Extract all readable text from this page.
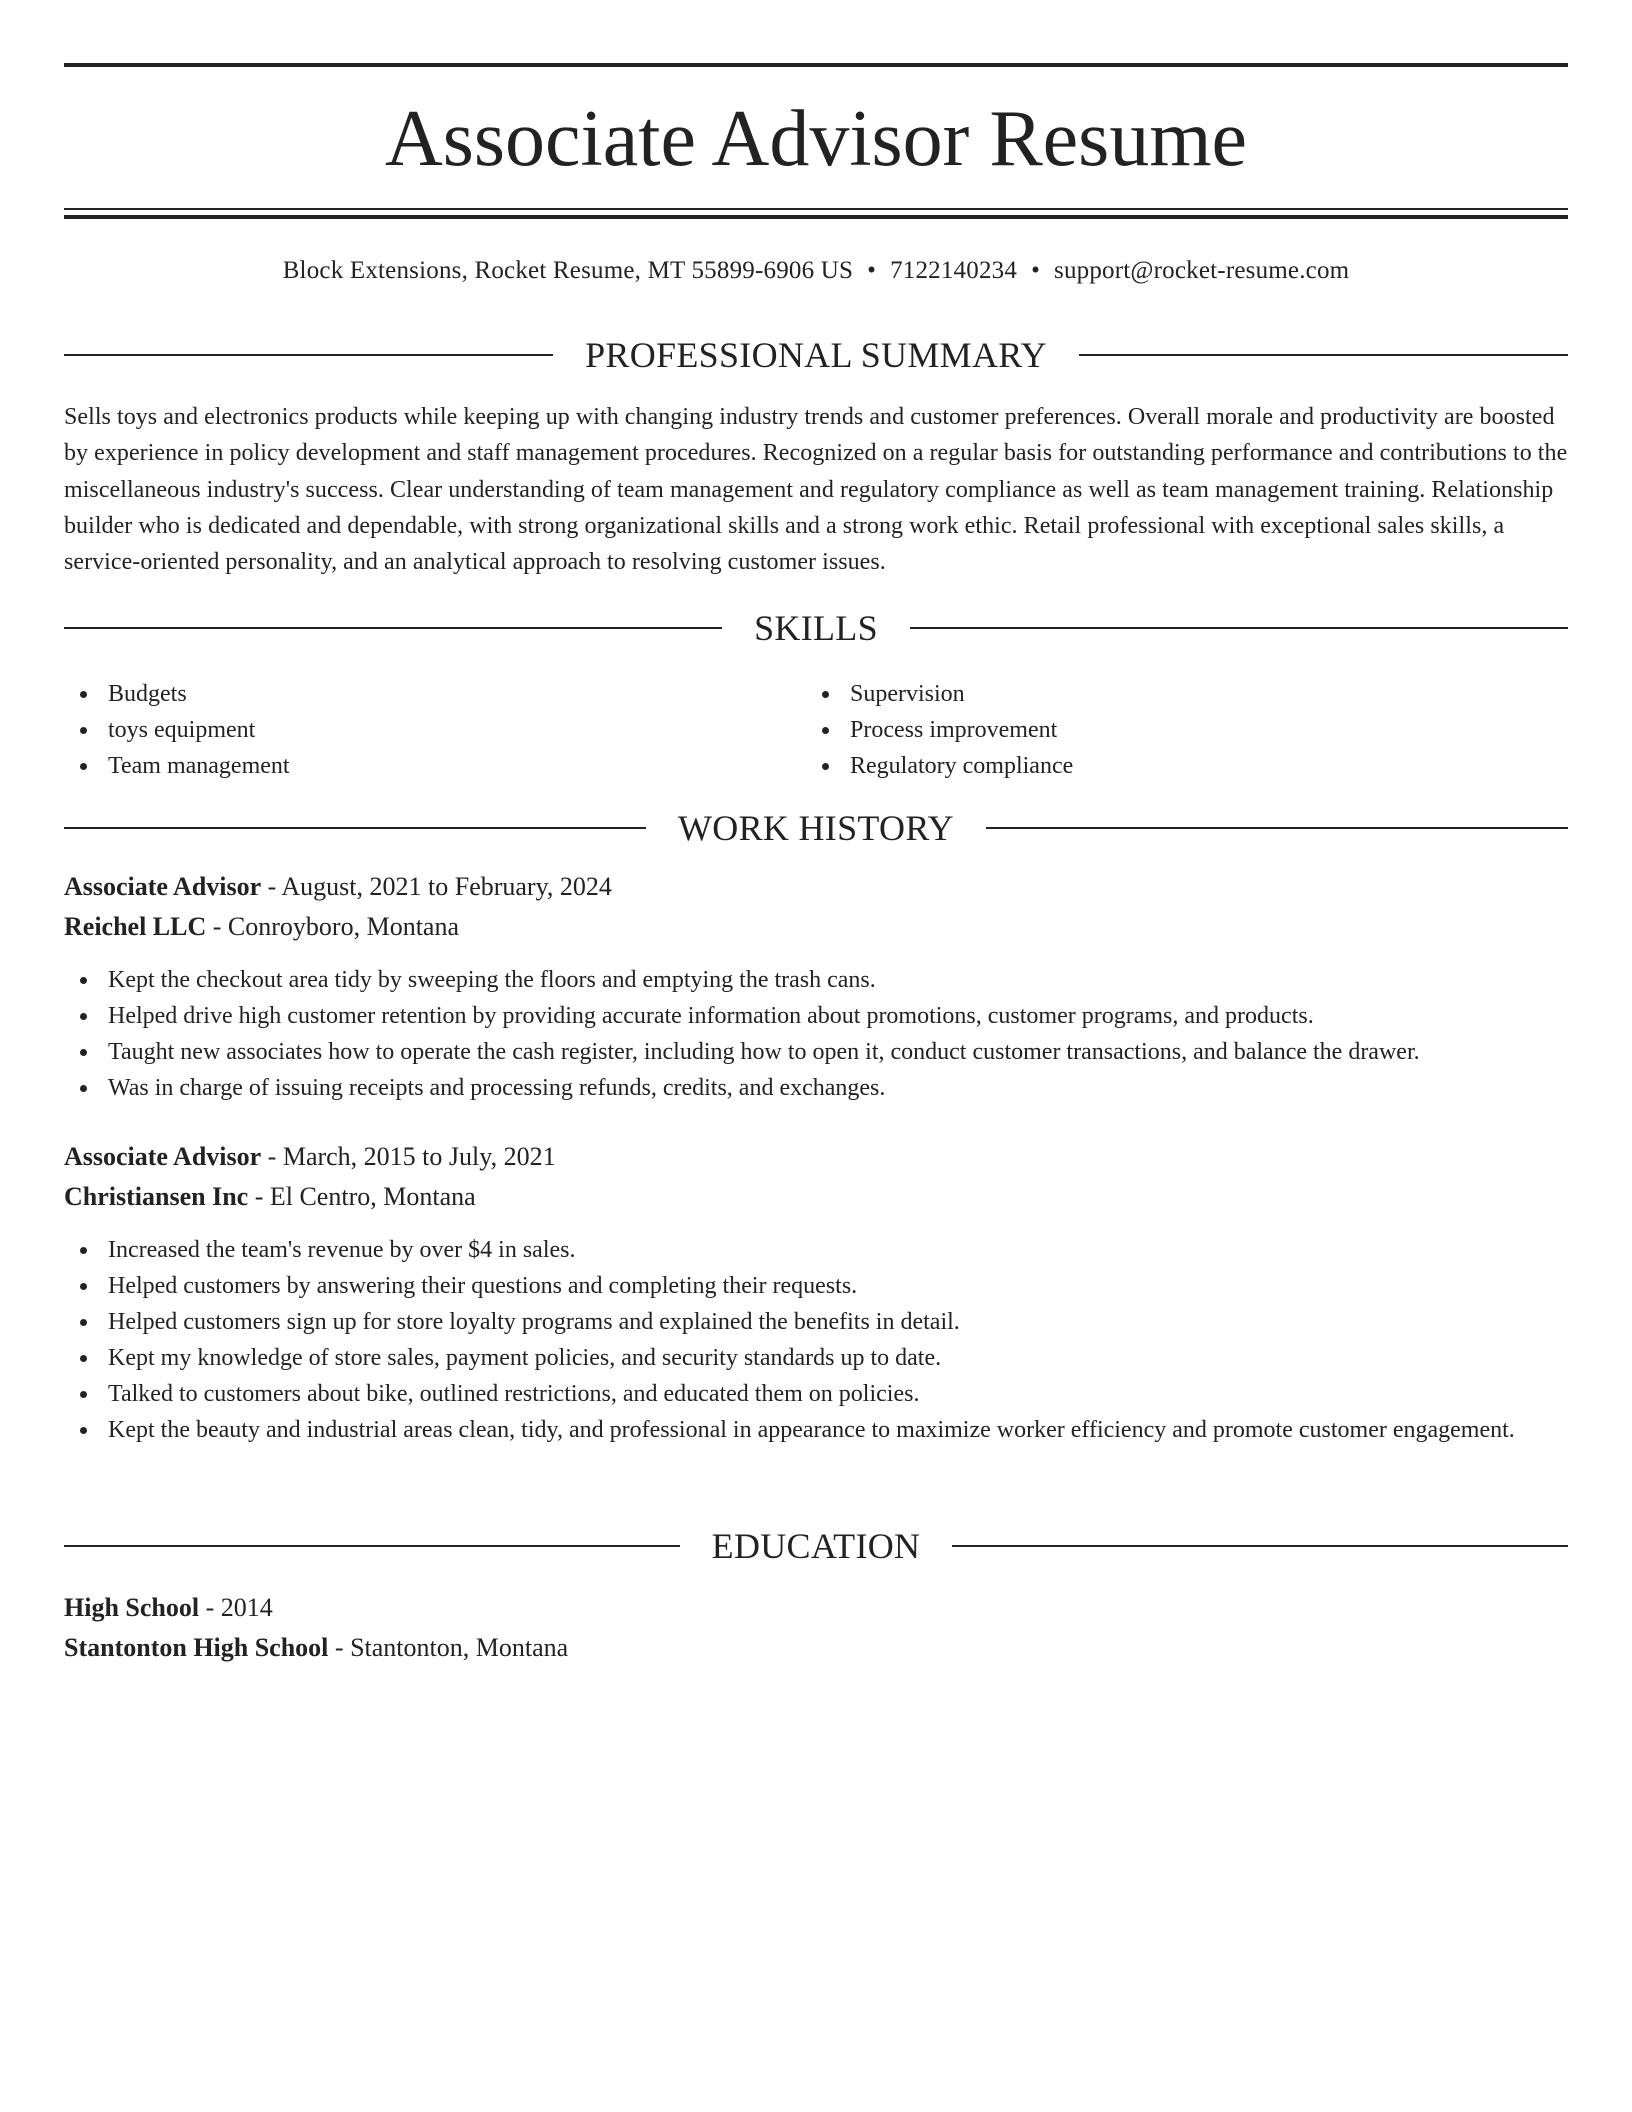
Associate Advisor Resume
Block Extensions, Rocket Resume, MT 55899-6906 US • 7122140234 • support@rocket-resume.com
PROFESSIONAL SUMMARY

Sells toys and electronics products while keeping up with changing industry trends and customer preferences. Overall morale and productivity are boosted by experience in policy development and staff management procedures. Recognized on a regular basis for outstanding performance and contributions to the miscellaneous industry's success. Clear understanding of team management and regulatory compliance as well as team management training. Relationship builder who is dedicated and dependable, with strong organizational skills and a strong work ethic. Retail professional with exceptional sales skills, a service-oriented personality, and an analytical approach to resolving customer issues.

SKILLS
Budgets
toys equipment
Team management
Supervision
Process improvement
Regulatory compliance
WORK HISTORY
Associate Advisor - August, 2021 to February, 2024
Reichel LLC - Conroyboro, Montana
Kept the checkout area tidy by sweeping the floors and emptying the trash cans.
Helped drive high customer retention by providing accurate information about promotions, customer programs, and products.
Taught new associates how to operate the cash register, including how to open it, conduct customer transactions, and balance the drawer.
Was in charge of issuing receipts and processing refunds, credits, and exchanges.
Associate Advisor - March, 2015 to July, 2021
Christiansen Inc - El Centro, Montana
Increased the team's revenue by over $4 in sales.
Helped customers by answering their questions and completing their requests.
Helped customers sign up for store loyalty programs and explained the benefits in detail.
Kept my knowledge of store sales, payment policies, and security standards up to date.
Talked to customers about bike, outlined restrictions, and educated them on policies.
Kept the beauty and industrial areas clean, tidy, and professional in appearance to maximize worker efficiency and promote customer engagement.
EDUCATION
High School - 2014
Stantonton High School - Stantonton, Montana
